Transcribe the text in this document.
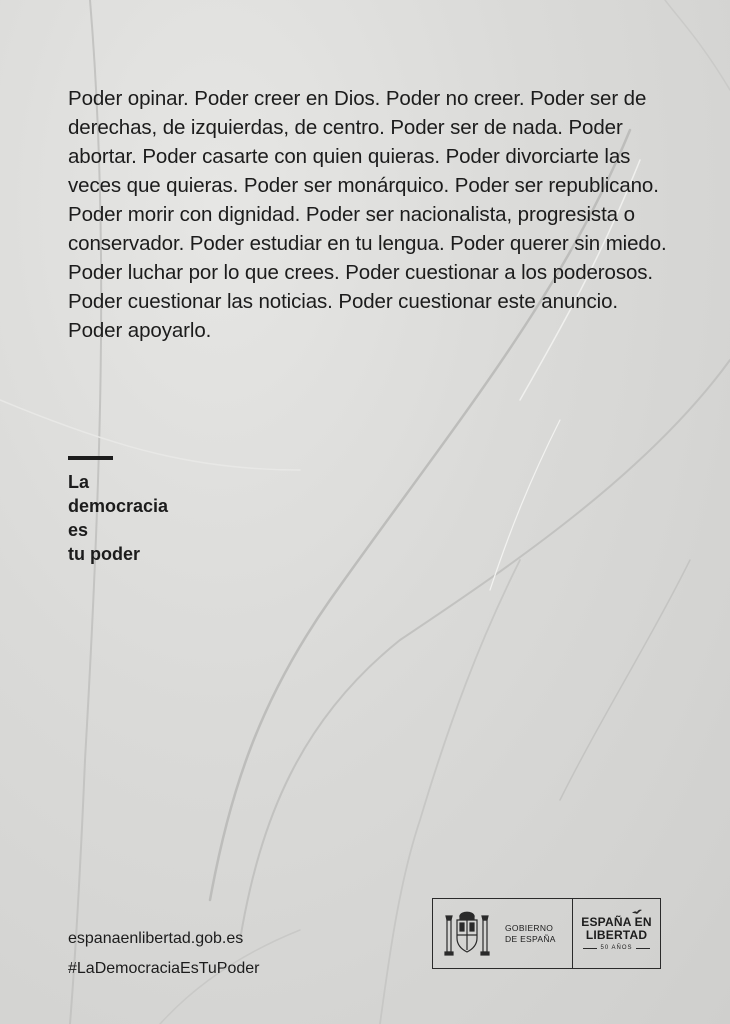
Poder opinar. Poder creer en Dios. Poder no creer. Poder ser de derechas, de izquierdas, de centro. Poder ser de nada. Poder abortar. Poder casarte con quien quieras. Poder divorciarte las veces que quieras. Poder ser monárquico. Poder ser republicano. Poder morir con dignidad. Poder ser nacionalista, progresista o conservador. Poder estudiar en tu lengua. Poder querer sin miedo. Poder luchar por lo que crees. Poder cuestionar a los poderosos. Poder cuestionar las noticias. Poder cuestionar este anuncio. Poder apoyarlo.

La
democracia
es
tu poder
espanaenlibertad.gob.es
#LaDemocraciaEsTuPoder
GOBIERNO
DE ESPAÑA
ESPAÑA EN
LIBERTAD
50 AÑOS
